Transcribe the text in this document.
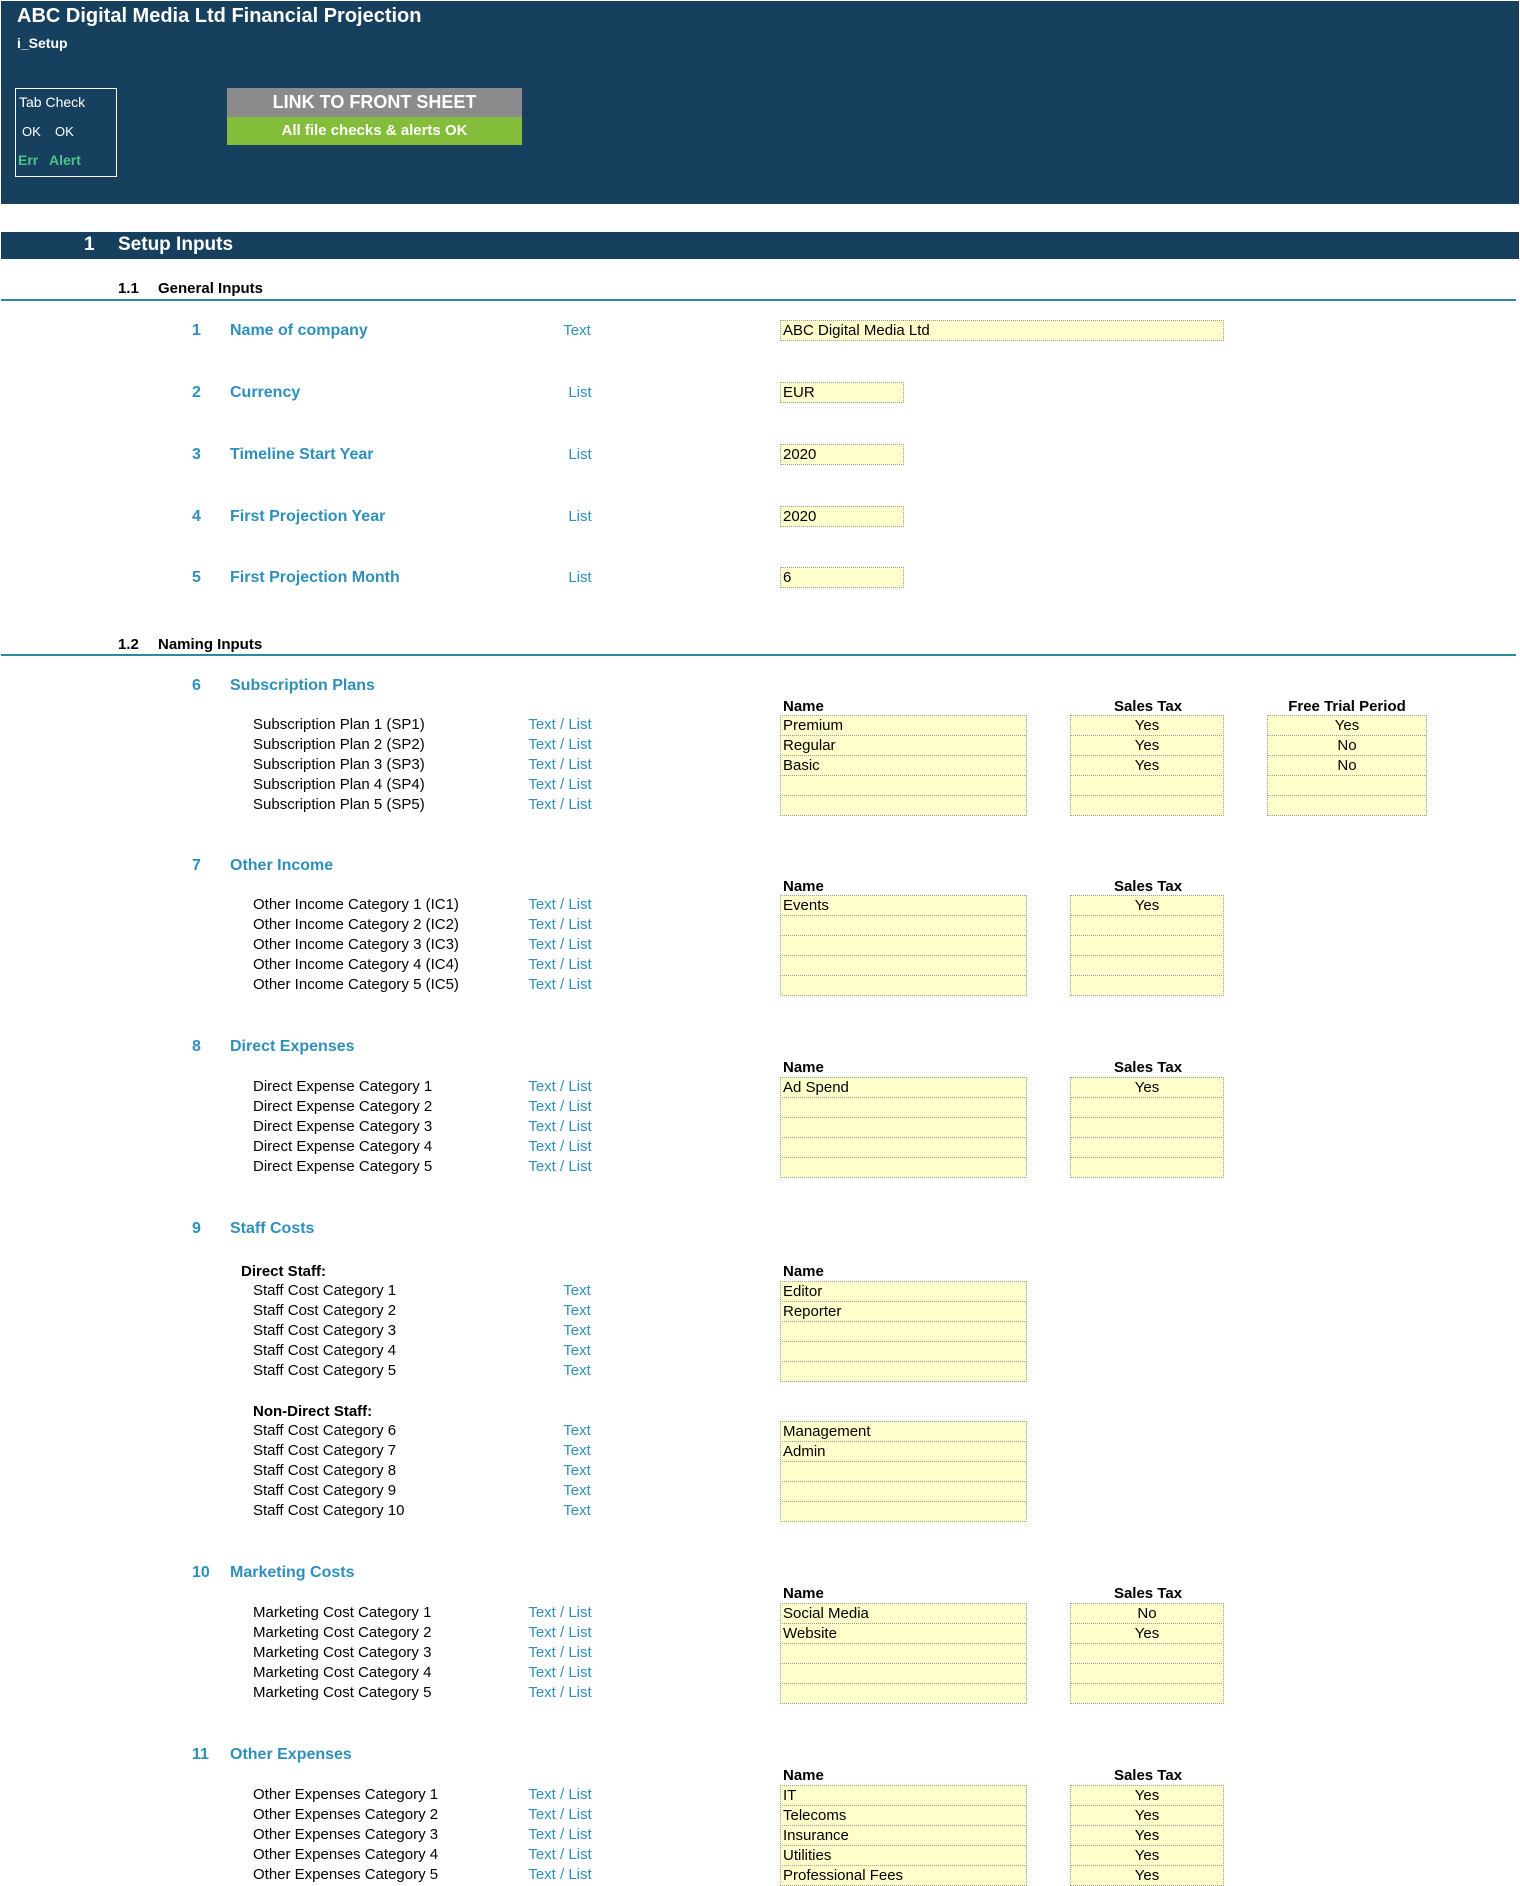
ABC Digital Media Ltd Financial Projection
i_Setup
Tab Check
OK OK
Err Alert
LINK TO FRONT SHEET
All file checks & alerts OK
1 Setup Inputs
1.1 General Inputs
1 Name of company	Text	ABC Digital Media Ltd
2 Currency	List	EUR
3 Timeline Start Year	List	2020
4 First Projection Year	List	2020
5 First Projection Month	List	6
1.2 Naming Inputs
6 Subscription Plans
Name	Sales Tax	Free Trial Period
Subscription Plan 1 (SP1)	Text / List	Premium	Yes	Yes
Subscription Plan 2 (SP2)	Text / List	Regular	Yes	No
Subscription Plan 3 (SP3)	Text / List	Basic	Yes	No
Subscription Plan 4 (SP4)	Text / List
Subscription Plan 5 (SP5)	Text / List
7 Other Income
Name	Sales Tax
Other Income Category 1 (IC1)	Text / List	Events	Yes
Other Income Category 2 (IC2)	Text / List
Other Income Category 3 (IC3)	Text / List
Other Income Category 4 (IC4)	Text / List
Other Income Category 5 (IC5)	Text / List
8 Direct Expenses
Name	Sales Tax
Direct Expense Category 1	Text / List	Ad Spend	Yes
Direct Expense Category 2	Text / List
Direct Expense Category 3	Text / List
Direct Expense Category 4	Text / List
Direct Expense Category 5	Text / List
9 Staff Costs
Direct Staff:	Name
Staff Cost Category 1	Text	Editor
Staff Cost Category 2	Text	Reporter
Staff Cost Category 3	Text
Staff Cost Category 4	Text
Staff Cost Category 5	Text
Non-Direct Staff:
Staff Cost Category 6	Text	Management
Staff Cost Category 7	Text	Admin
Staff Cost Category 8	Text
Staff Cost Category 9	Text
Staff Cost Category 10	Text
10 Marketing Costs
Name	Sales Tax
Marketing Cost Category 1	Text / List	Social Media	No
Marketing Cost Category 2	Text / List	Website	Yes
Marketing Cost Category 3	Text / List
Marketing Cost Category 4	Text / List
Marketing Cost Category 5	Text / List
11 Other Expenses
Name	Sales Tax
Other Expenses Category 1	Text / List	IT	Yes
Other Expenses Category 2	Text / List	Telecoms	Yes
Other Expenses Category 3	Text / List	Insurance	Yes
Other Expenses Category 4	Text / List	Utilities	Yes
Other Expenses Category 5	Text / List	Professional Fees	Yes
